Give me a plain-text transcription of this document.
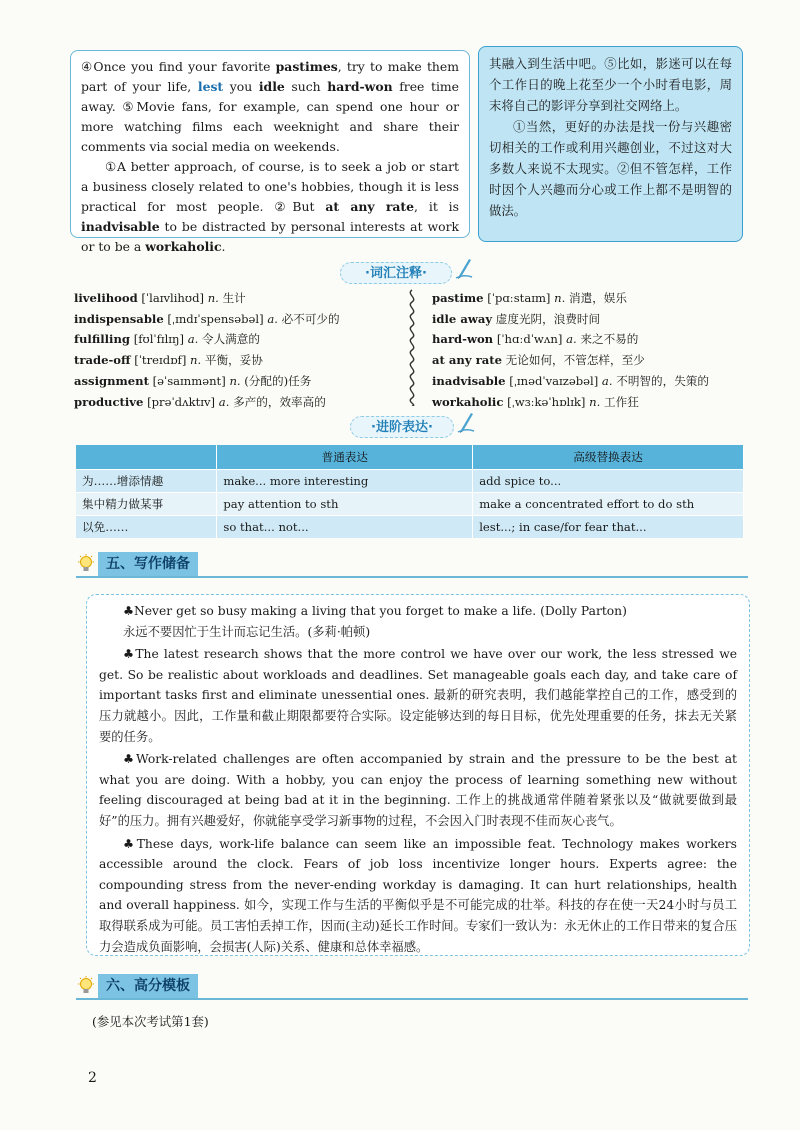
④Once you find your favorite pastimes, try to make them part of your life, lest you idle such hard-won free time away. ⑤Movie fans, for example, can spend one hour or more watching films each weeknight and share their comments via social media on weekends.

①A better approach, of course, is to seek a job or start a business closely related to one's hobbies, though it is less practical for most people. ②But at any rate, it is inadvisable to be distracted by personal interests at work or to be a workaholic.

其融入到生活中吧。⑤比如，影迷可以在每个工作日的晚上花至少一个小时看电影，周末将自己的影评分享到社交网络上。

①当然，更好的办法是找一份与兴趣密切相关的工作或利用兴趣创业，不过这对大多数人来说不太现实。②但不管怎样，工作时因个人兴趣而分心或工作上都不是明智的做法。

·词汇注释·
livelihood [ˈlaɪvlihʊd] n. 生计
indispensable [ˌɪndɪˈspensəbəl] a. 必不可少的
fulfilling [fʊlˈfɪlɪŋ] a. 令人满意的
trade-off [ˈtreɪdɒf] n. 平衡，妥协
assignment [əˈsaɪnmənt] n. (分配的)任务
productive [prəˈdʌktɪv] a. 多产的，效率高的
pastime [ˈpɑːstaɪm] n. 消遣，娱乐
idle away 虚度光阴，浪费时间
hard-won [ˈhɑːdˈwʌn] a. 来之不易的
at any rate 无论如何，不管怎样，至少
inadvisable [ˌɪnədˈvaɪzəbəl] a. 不明智的，失策的
workaholic [ˌwɜːkəˈhɒlɪk] n. 工作狂
·进阶表达·
	普通表达	高级替换表达
为……增添情趣	make... more interesting	add spice to...
集中精力做某事	pay attention to sth	make a concentrated effort to do sth
以免……	so that... not...	lest...; in case/for fear that...
五、写作储备

♣Never get so busy making a living that you forget to make a life. (Dolly Parton)

永远不要因忙于生计而忘记生活。(多莉·帕顿)

♣The latest research shows that the more control we have over our work, the less stressed we get. So be realistic about workloads and deadlines. Set manageable goals each day, and take care of important tasks first and eliminate unessential ones. 最新的研究表明，我们越能掌控自己的工作，感受到的压力就越小。因此，工作量和截止期限都要符合实际。设定能够达到的每日目标，优先处理重要的任务，抹去无关紧要的任务。

♣Work-related challenges are often accompanied by strain and the pressure to be the best at what you are doing. With a hobby, you can enjoy the process of learning something new without feeling discouraged at being bad at it in the beginning. 工作上的挑战通常伴随着紧张以及“做就要做到最好”的压力。拥有兴趣爱好，你就能享受学习新事物的过程，不会因入门时表现不佳而灰心丧气。

♣These days, work-life balance can seem like an impossible feat. Technology makes workers accessible around the clock. Fears of job loss incentivize longer hours. Experts agree: the compounding stress from the never-ending workday is damaging. It can hurt relationships, health and overall happiness. 如今，实现工作与生活的平衡似乎是不可能完成的壮举。科技的存在使一天24小时与员工取得联系成为可能。员工害怕丢掉工作，因而(主动)延长工作时间。专家们一致认为：永无休止的工作日带来的复合压力会造成负面影响，会损害(人际)关系、健康和总体幸福感。

六、高分模板
(参见本次考试第1套)
2
